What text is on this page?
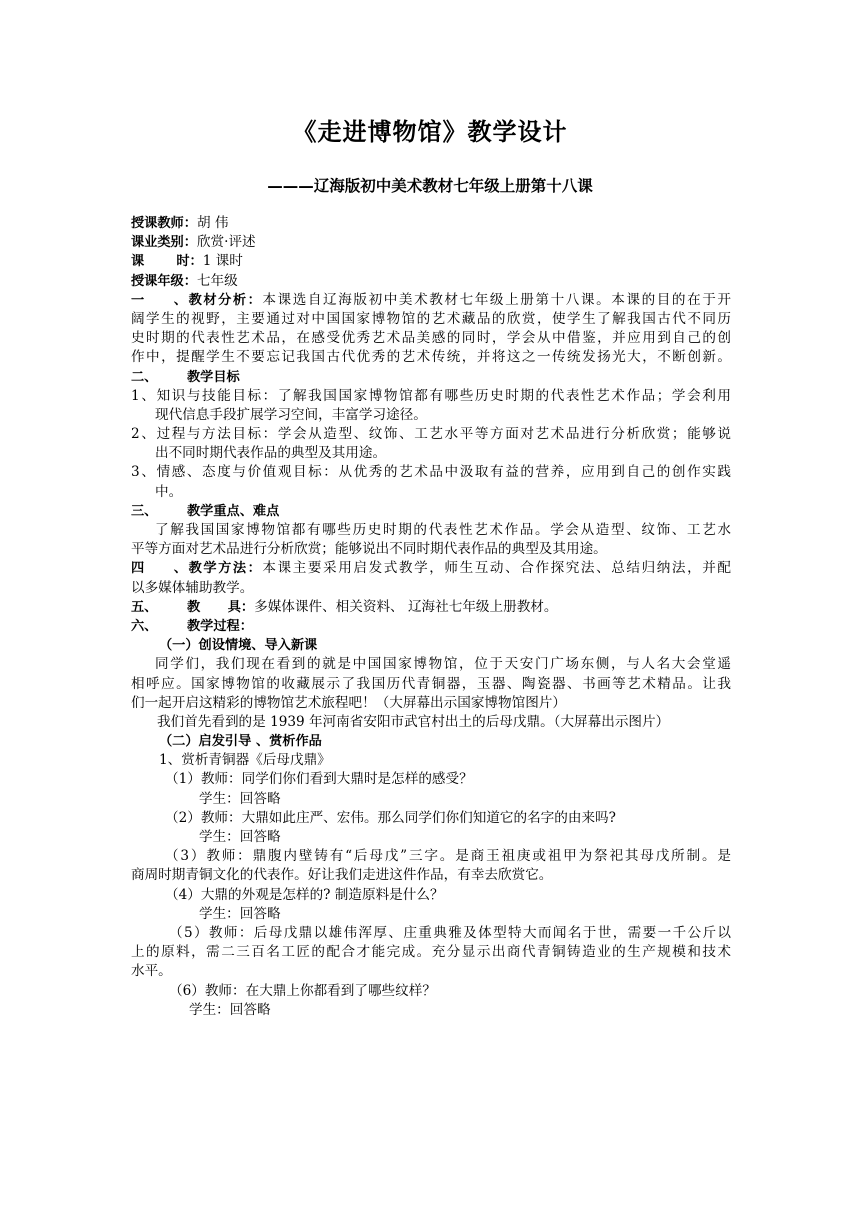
《走进博物馆》教学设计
———辽海版初中美术教材七年级上册第十八课
授课教师：胡 伟
课业类别：欣赏·评述
课       时：1 课时
授课年级：七年级
一、教材分析：本课选自辽海版初中美术教材七年级上册第十八课。本课的目的在于开
阔学生的视野，主要通过对中国国家博物馆的艺术藏品的欣赏，使学生了解我国古代不同历
史时期的代表性艺术品，在感受优秀艺术品美感的同时，学会从中借鉴，并应用到自己的创
作中，提醒学生不要忘记我国古代优秀的艺术传统，并将这之一传统发扬光大，不断创新。
二、 教学目标
1、知识与技能目标：了解我国国家博物馆都有哪些历史时期的代表性艺术作品；学会利用
现代信息手段扩展学习空间，丰富学习途径。
2、过程与方法目标：学会从造型、纹饰、工艺水平等方面对艺术品进行分析欣赏；能够说
出不同时期代表作品的典型及其用途。
3、情感、态度与价值观目标：从优秀的艺术品中汲取有益的营养，应用到自己的创作实践
中。
三、 教学重点、难点
了解我国国家博物馆都有哪些历史时期的代表性艺术作品。学会从造型、纹饰、工艺水
平等方面对艺术品进行分析欣赏；能够说出不同时期代表作品的典型及其用途。
四、教学方法：本课主要采用启发式教学，师生互动、合作探究法、总结归纳法，并配
以多媒体辅助教学。
五、 教      具：多媒体课件、相关资料、 辽海社七年级上册教材。
六、 教学过程：
（一）创设情境、导入新课
同学们，我们现在看到的就是中国国家博物馆，位于天安门广场东侧，与人名大会堂遥
相呼应。国家博物馆的收藏展示了我国历代青铜器，玉器、陶瓷器、书画等艺术精品。让我
们一起开启这精彩的博物馆艺术旅程吧！（大屏幕出示国家博物馆图片）
我们首先看到的是 1939 年河南省安阳市武官村出土的后母戊鼎。（大屏幕出示图片）
（二）启发引导 、赏析作品
1、赏析青铜器《后母戊鼎》
（1）教师：同学们你们看到大鼎时是怎样的感受？
学生：回答略
（2）教师：大鼎如此庄严、宏伟。那么同学们你们知道它的名字的由来吗?
学生：回答略
（3）教师：鼎腹内壁铸有“后母戊”三字。是商王祖庚或祖甲为祭祀其母戊所制。是
商周时期青铜文化的代表作。好让我们走进这件作品，有幸去欣赏它。
（4）大鼎的外观是怎样的? 制造原料是什么？
学生：回答略
（5）教师：后母戊鼎以雄伟浑厚、庄重典雅及体型特大而闻名于世，需要一千公斤以
上的原料，需二三百名工匠的配合才能完成。充分显示出商代青铜铸造业的生产规模和技术
水平。
（6）教师：在大鼎上你都看到了哪些纹样？
学生：回答略
